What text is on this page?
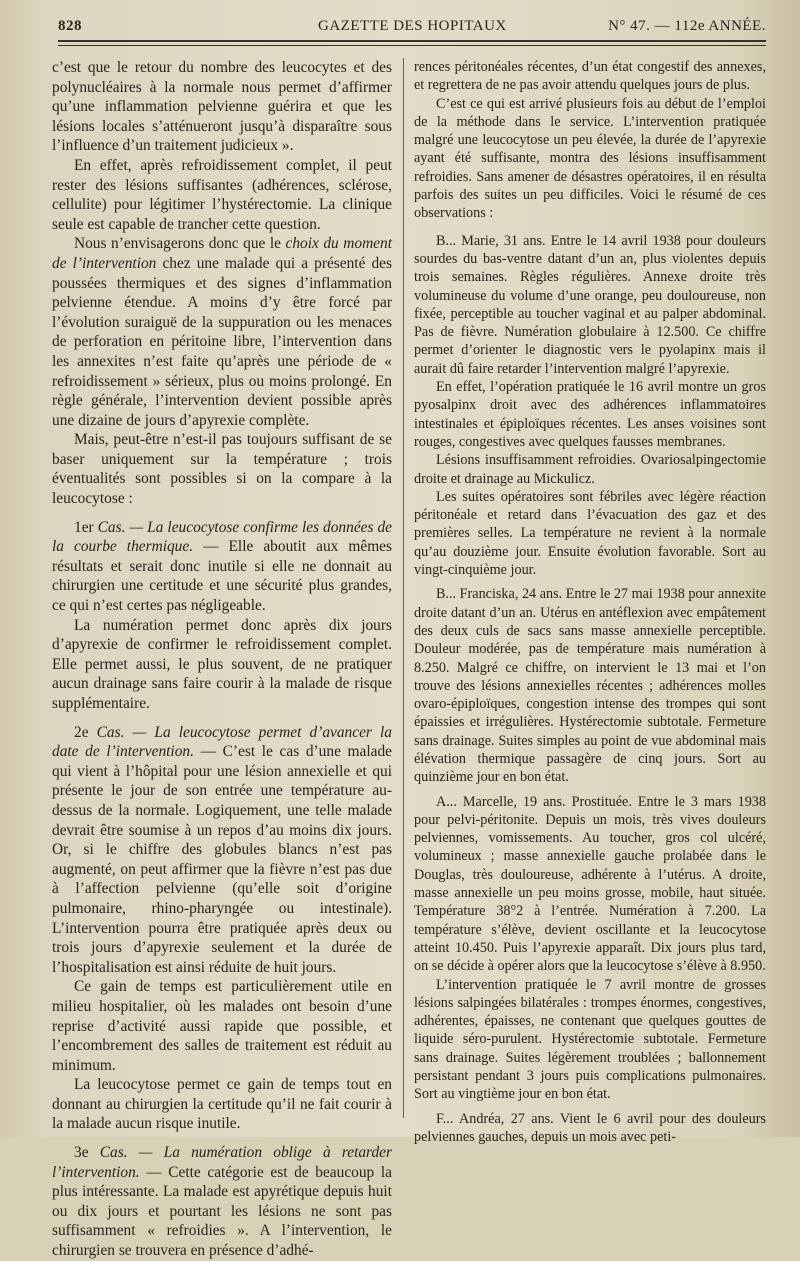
828	GAZETTE DES HOPITAUX	N° 47. — 112e ANNÉE.

c’est que le retour du nombre des leucocytes et des polynucléaires à la normale nous permet d’affirmer qu’une inflammation pelvienne guérira et que les lésions locales s’atténueront jusqu’à disparaître sous l’influence d’un traitement judicieux ».

En effet, après refroidissement complet, il peut rester des lésions suffisantes (adhérences, sclérose, cellulite) pour légitimer l’hystérectomie. La clinique seule est capable de trancher cette question.

Nous n’envisagerons donc que le choix du moment de l’intervention chez une malade qui a présenté des poussées thermiques et des signes d’inflammation pelvienne étendue. A moins d’y être forcé par l’évolution suraiguë de la suppuration ou les menaces de perforation en péritoine libre, l’intervention dans les annexites n’est faite qu’après une période de « refroidissement » sérieux, plus ou moins prolongé. En règle générale, l’intervention devient possible après une dizaine de jours d’apyrexie complète.

Mais, peut-être n’est-il pas toujours suffisant de se baser uniquement sur la température ; trois éventualités sont possibles si on la compare à la leucocytose :

1er Cas. — La leucocytose confirme les données de la courbe thermique. — Elle aboutit aux mêmes résultats et serait donc inutile si elle ne donnait au chirurgien une certitude et une sécurité plus grandes, ce qui n’est certes pas négligeable.

La numération permet donc après dix jours d’apyrexie de confirmer le refroidissement complet. Elle permet aussi, le plus souvent, de ne pratiquer aucun drainage sans faire courir à la malade de risque supplémentaire.

2e Cas. — La leucocytose permet d’avancer la date de l’intervention. — C’est le cas d’une malade qui vient à l’hôpital pour une lésion annexielle et qui présente le jour de son entrée une température au-dessus de la normale. Logiquement, une telle malade devrait être soumise à un repos d’au moins dix jours. Or, si le chiffre des globules blancs n’est pas augmenté, on peut affirmer que la fièvre n’est pas due à l’affection pelvienne (qu’elle soit d’origine pulmonaire, rhino-pharyngée ou intestinale). L’intervention pourra être pratiquée après deux ou trois jours d’apyrexie seulement et la durée de l’hospitalisation est ainsi réduite de huit jours.

Ce gain de temps est particulièrement utile en milieu hospitalier, où les malades ont besoin d’une reprise d’activité aussi rapide que possible, et l’encombrement des salles de traitement est réduit au minimum.

La leucocytose permet ce gain de temps tout en donnant au chirurgien la certitude qu’il ne fait courir à la malade aucun risque inutile.

3e Cas. — La numération oblige à retarder l’intervention. — Cette catégorie est de beaucoup la plus intéressante. La malade est apyrétique depuis huit ou dix jours et pourtant les lésions ne sont pas suffisamment « refroidies ». A l’intervention, le chirurgien se trouvera en présence d’adhé-

rences péritonéales récentes, d’un état congestif des annexes, et regrettera de ne pas avoir attendu quelques jours de plus.

C’est ce qui est arrivé plusieurs fois au début de l’emploi de la méthode dans le service. L’intervention pratiquée malgré une leucocytose un peu élevée, la durée de l’apyrexie ayant été suffisante, montra des lésions insuffisamment refroidies. Sans amener de désastres opératoires, il en résulta parfois des suites un peu difficiles. Voici le résumé de ces observations :

B... Marie, 31 ans. Entre le 14 avril 1938 pour douleurs sourdes du bas-ventre datant d’un an, plus violentes depuis trois semaines. Règles régulières. Annexe droite très volumineuse du volume d’une orange, peu douloureuse, non fixée, perceptible au toucher vaginal et au palper abdominal. Pas de fièvre. Numération globulaire à 12.500. Ce chiffre permet d’orienter le diagnostic vers le pyolapinx mais il aurait dû faire retarder l’intervention malgré l’apyrexie.

En effet, l’opération pratiquée le 16 avril montre un gros pyosalpinx droit avec des adhérences inflammatoires intestinales et épiploïques récentes. Les anses voisines sont rouges, congestives avec quelques fausses membranes.

Lésions insuffisamment refroidies. Ovariosalpingectomie droite et drainage au Mickulicz.

Les suites opératoires sont fébriles avec légère réaction péritonéale et retard dans l’évacuation des gaz et des premières selles. La température ne revient à la normale qu’au douzième jour. Ensuite évolution favorable. Sort au vingt-cinquième jour.

B... Franciska, 24 ans. Entre le 27 mai 1938 pour annexite droite datant d’un an. Utérus en antéflexion avec empâtement des deux culs de sacs sans masse annexielle perceptible. Douleur modérée, pas de température mais numération à 8.250. Malgré ce chiffre, on intervient le 13 mai et l’on trouve des lésions annexielles récentes ; adhérences molles ovaro-épiploïques, congestion intense des trompes qui sont épaissies et irrégulières. Hystérectomie subtotale. Fermeture sans drainage. Suites simples au point de vue abdominal mais élévation thermique passagère de cinq jours. Sort au quinzième jour en bon état.

A... Marcelle, 19 ans. Prostituée. Entre le 3 mars 1938 pour pelvi-péritonite. Depuis un mois, très vives douleurs pelviennes, vomissements. Au toucher, gros col ulcéré, volumineux ; masse annexielle gauche prolabée dans le Douglas, très douloureuse, adhérente à l’utérus. A droite, masse annexielle un peu moins grosse, mobile, haut située. Température 38°2 à l’entrée. Numération à 7.200. La température s’élève, devient oscillante et la leucocytose atteint 10.450. Puis l’apyrexie apparaît. Dix jours plus tard, on se décide à opérer alors que la leucocytose s’élève à 8.950.

L’intervention pratiquée le 7 avril montre de grosses lésions salpingées bilatérales : trompes énormes, congestives, adhérentes, épaisses, ne contenant que quelques gouttes de liquide séro-purulent. Hystérectomie subtotale. Fermeture sans drainage. Suites légèrement troublées ; ballonnement persistant pendant 3 jours puis complications pulmonaires. Sort au vingtième jour en bon état.

F... Andréa, 27 ans. Vient le 6 avril pour des douleurs pelviennes gauches, depuis un mois avec peti-
